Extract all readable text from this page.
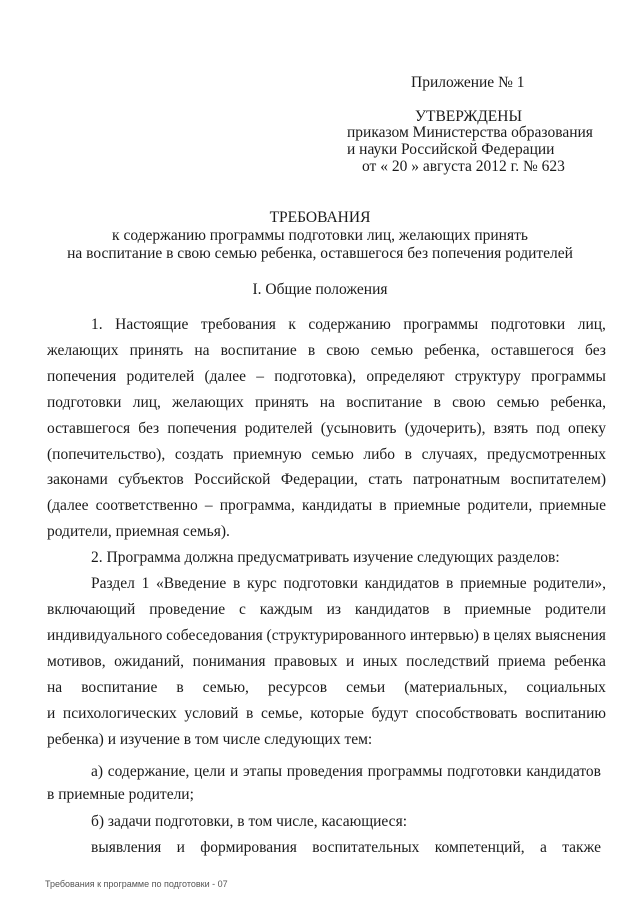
Приложение № 1
УТВЕРЖДЕНЫ
приказом Министерства образования
и науки Российской Федерации
от « 20 » августа 2012 г. № 623
ТРЕБОВАНИЯ
к содержанию программы подготовки лиц, желающих принять
на воспитание в свою семью ребенка, оставшегося без попечения родителей
I. Общие положения
1. Настоящие требования к содержанию программы подготовки лиц,
желающих принять на воспитание в свою семью ребенка, оставшегося без
попечения родителей (далее – подготовка), определяют структуру программы
подготовки лиц, желающих принять на воспитание в свою семью ребенка,
оставшегося без попечения родителей (усыновить (удочерить), взять под опеку
(попечительство), создать приемную семью либо в случаях, предусмотренных
законами субъектов Российской Федерации, стать патронатным воспитателем)
(далее соответственно – программа, кандидаты в приемные родители, приемные
родители, приемная семья).
2. Программа должна предусматривать изучение следующих разделов:
Раздел 1 «Введение в курс подготовки кандидатов в приемные родители»,
включающий проведение с каждым из кандидатов в приемные родители
индивидуального собеседования (структурированного интервью) в целях выяснения
мотивов, ожиданий, понимания правовых и иных последствий приема ребенка
на воспитание в семью, ресурсов семьи (материальных, социальных
и психологических условий в семье, которые будут способствовать воспитанию
ребенка) и изучение в том числе следующих тем:
а) содержание, цели и этапы проведения программы подготовки кандидатов
в приемные родители;
б) задачи подготовки, в том числе, касающиеся:
выявления и формирования воспитательных компетенций, а также
Требования к программе по подготовки - 07
